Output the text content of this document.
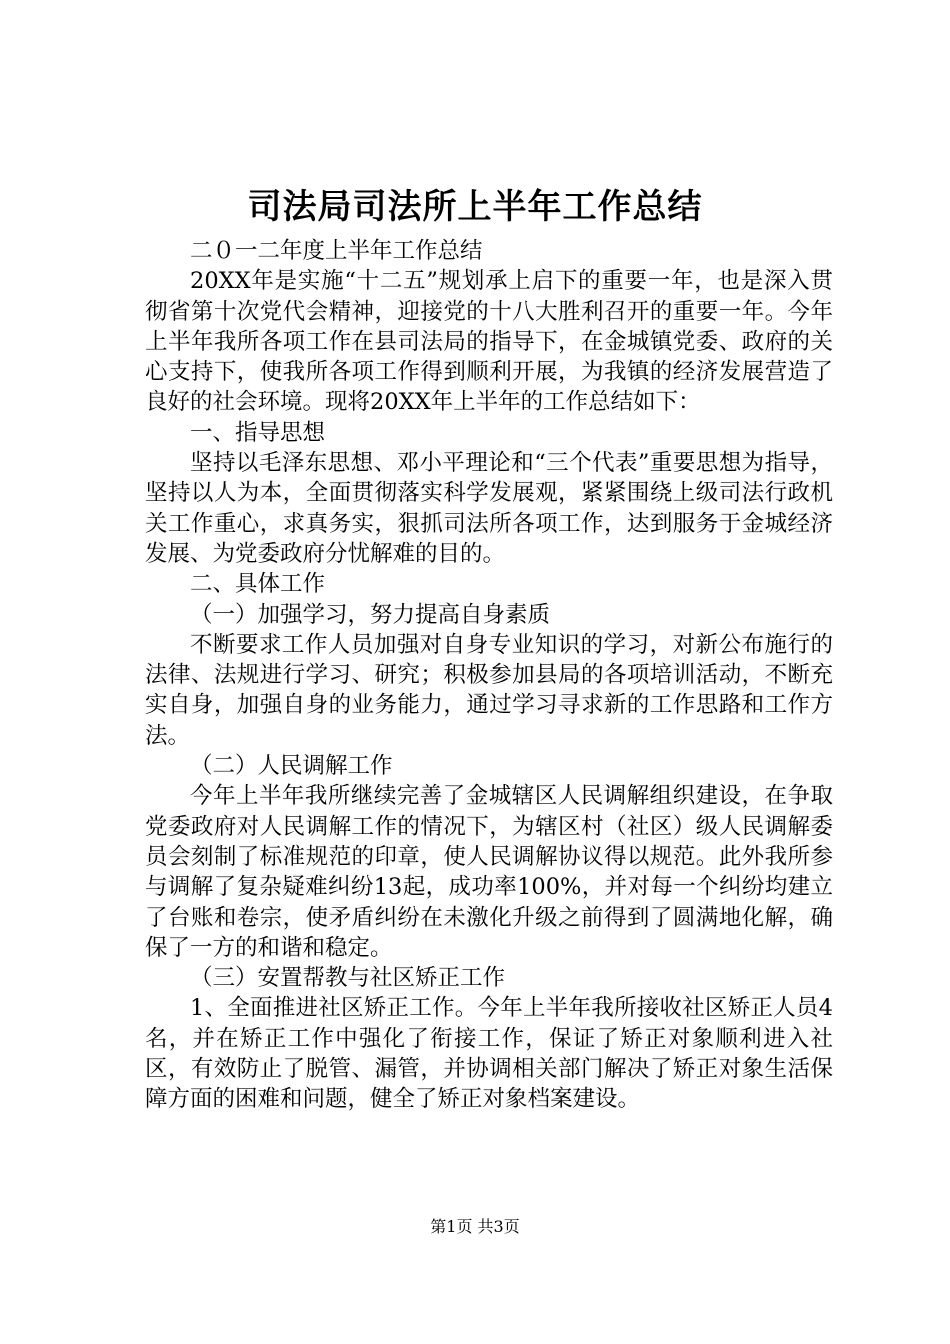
司法局司法所上半年工作总结

二０一二年度上半年工作总结

20XX年是实施“十二五”规划承上启下的重要一年，也是深入贯彻省第十次党代会精神，迎接党的十八大胜利召开的重要一年。今年上半年我所各项工作在县司法局的指导下，在金城镇党委、政府的关心支持下，使我所各项工作得到顺利开展，为我镇的经济发展营造了良好的社会环境。现将20XX年上半年的工作总结如下：

一、指导思想

坚持以毛泽东思想、邓小平理论和“三个代表”重要思想为指导，坚持以人为本，全面贯彻落实科学发展观，紧紧围绕上级司法行政机关工作重心，求真务实，狠抓司法所各项工作，达到服务于金城经济发展、为党委政府分忧解难的目的。

二、具体工作

（一）加强学习，努力提高自身素质

不断要求工作人员加强对自身专业知识的学习，对新公布施行的法律、法规进行学习、研究；积极参加县局的各项培训活动，不断充实自身，加强自身的业务能力，通过学习寻求新的工作思路和工作方法。

（二）人民调解工作

今年上半年我所继续完善了金城辖区人民调解组织建设，在争取党委政府对人民调解工作的情况下，为辖区村（社区）级人民调解委员会刻制了标准规范的印章，使人民调解协议得以规范。此外我所参与调解了复杂疑难纠纷13起，成功率100%，并对每一个纠纷均建立了台账和卷宗，使矛盾纠纷在未激化升级之前得到了圆满地化解，确保了一方的和谐和稳定。

（三）安置帮教与社区矫正工作

1、全面推进社区矫正工作。今年上半年我所接收社区矫正人员4名，并在矫正工作中强化了衔接工作，保证了矫正对象顺利进入社区，有效防止了脱管、漏管，并协调相关部门解决了矫正对象生活保障方面的困难和问题，健全了矫正对象档案建设。

第1页 共3页
